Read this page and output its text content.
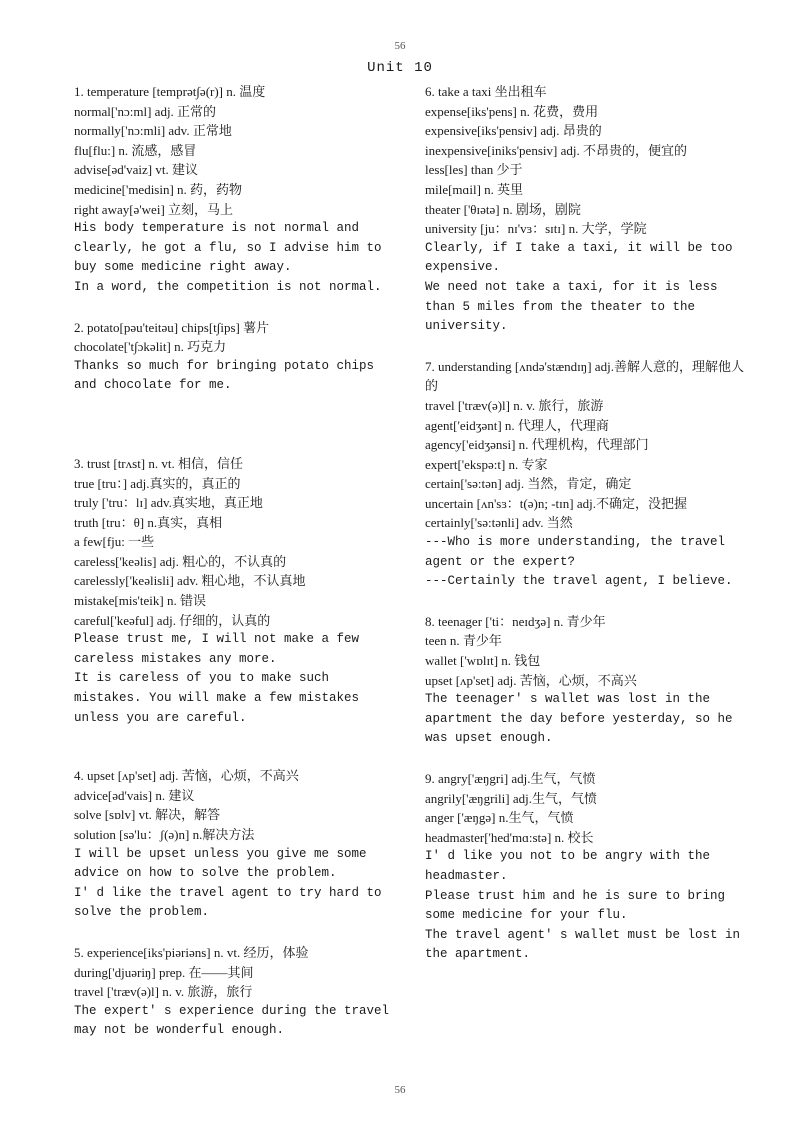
56
Unit 10
1. temperature [temprət∫ə(r)] n. 温度
normal['nɔ:ml] adj. 正常的
normally['nɔ:mli] adv. 正常地
flu[flu:] n. 流感，感冒
advise[əd'vaiz] vt. 建议
medicine['medisin] n. 药，药物
right away[ə'wei] 立刻，马上
His body temperature is not normal and clearly, he got a flu, so I advise him to buy some medicine right away.
In a word, the competition is not normal.
2. potato[pəu'teitəu] chips[t∫ips] 薯片
chocolate['t∫ɔkəlit] n. 巧克力
Thanks so much for bringing potato chips and chocolate for me.
3. trust [trʌst] n. vt. 相信，信任
true [tru：] adj.真实的，真正的
truly ['tru：lɪ] adv.真实地，真正地
truth [tru：θ] n.真实，真相
a few[fju: 一些
careless['keəlis] adj. 粗心的，不认真的
carelessly['keəlisli] adv. 粗心地，不认真地
mistake[mis'teik] n. 错误
careful['keəful] adj. 仔细的，认真的
Please trust me, I will not make a few careless mistakes any more.
It is careless of you to make such mistakes. You will make a few mistakes unless you are careful.
4. upset [ʌp'set] adj. 苦恼，心烦，不高兴
advice[əd'vais] n. 建议
solve [sɒlv] vt. 解决，解答
solution [sə'lu：ʃ(ə)n] n.解决方法
I will be upset unless you give me some advice on how to solve the problem.
I' d like the travel agent to try hard to solve the problem.
5. experience[iks'piəriəns] n. vt. 经历，体验
during['djuəriŋ] prep. 在——其间
travel ['træv(ə)l] n. v. 旅游，旅行
The expert' s experience during the travel may not be wonderful enough.
6. take a taxi 坐出租车
expense[iks'pens] n. 花费，费用
expensive[iks'pensiv] adj. 昂贵的
inexpensive[iniks'pensiv] adj. 不昂贵的，便宜的
less[les] than 少于
mile[mɑil] n. 英里
theater ['θɪətə] n. 剧场，剧院
university [ju：nɪ'vɜ：sɪtɪ] n. 大学，学院
Clearly, if I take a taxi, it will be too expensive.
We need not take a taxi, for it is less than 5 miles from the theater to the university.
7. understanding [ʌndə'stændɪŋ] adj.善解人意的，理解他人的
travel ['træv(ə)l] n. v. 旅行，旅游
agent['eidʒənt] n. 代理人，代理商
agency['eidʒənsi] n. 代理机构，代理部门
expert['ekspə:t] n. 专家
certain['sə:tən] adj. 当然，肯定，确定
uncertain [ʌn'sɜ：t(ə)n; -tɪn] adj.不确定，没把握
certainly['sə:tənli] adv. 当然
---Who is more understanding, the travel agent or the expert?
---Certainly the travel agent, I believe.
8. teenager ['ti：neɪdʒə] n. 青少年
teen n. 青少年
wallet ['wɒlɪt] n. 钱包
upset [ʌp'set] adj. 苦恼，心烦，不高兴
The teenager' s wallet was lost in the apartment the day before yesterday, so he was upset enough.
9. angry['æŋgri] adj.生气，气愤
angrily['æŋgrili] adj.生气，气愤
anger ['æŋgə] n.生气，气愤
headmaster['hed'mɑ:stə] n. 校长
I' d like you not to be angry with the headmaster.
Please trust him and he is sure to bring some medicine for your flu.
The travel agent' s wallet must be lost in the apartment.
56
